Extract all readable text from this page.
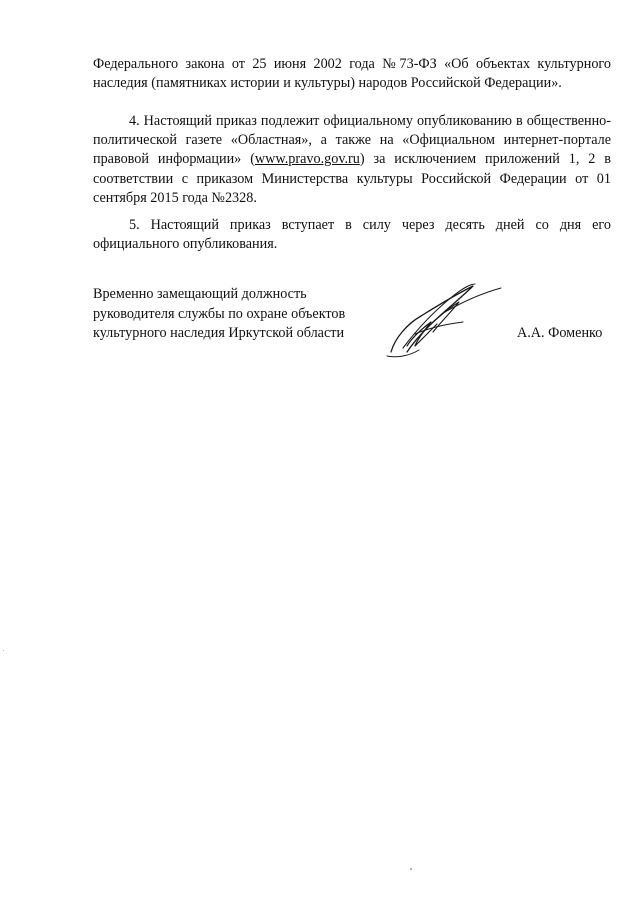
Федерального закона от 25 июня 2002 года №73-ФЗ «Об объектах культурного наследия (памятниках истории и культуры) народов Российской Федерации».

4. Настоящий приказ подлежит официальному опубликованию в общественно-политической газете «Областная», а также на «Официальном интернет-портале правовой информации» (www.pravo.gov.ru) за исключением приложений 1, 2 в соответствии с приказом Министерства культуры Российской Федерации от 01 сентября 2015 года №2328.

5. Настоящий приказ вступает в силу через десять дней со дня его официального опубликования.

Временно замещающий должность
руководителя службы по охране объектов
культурного наследия Иркутской области	А.А. Фоменко
